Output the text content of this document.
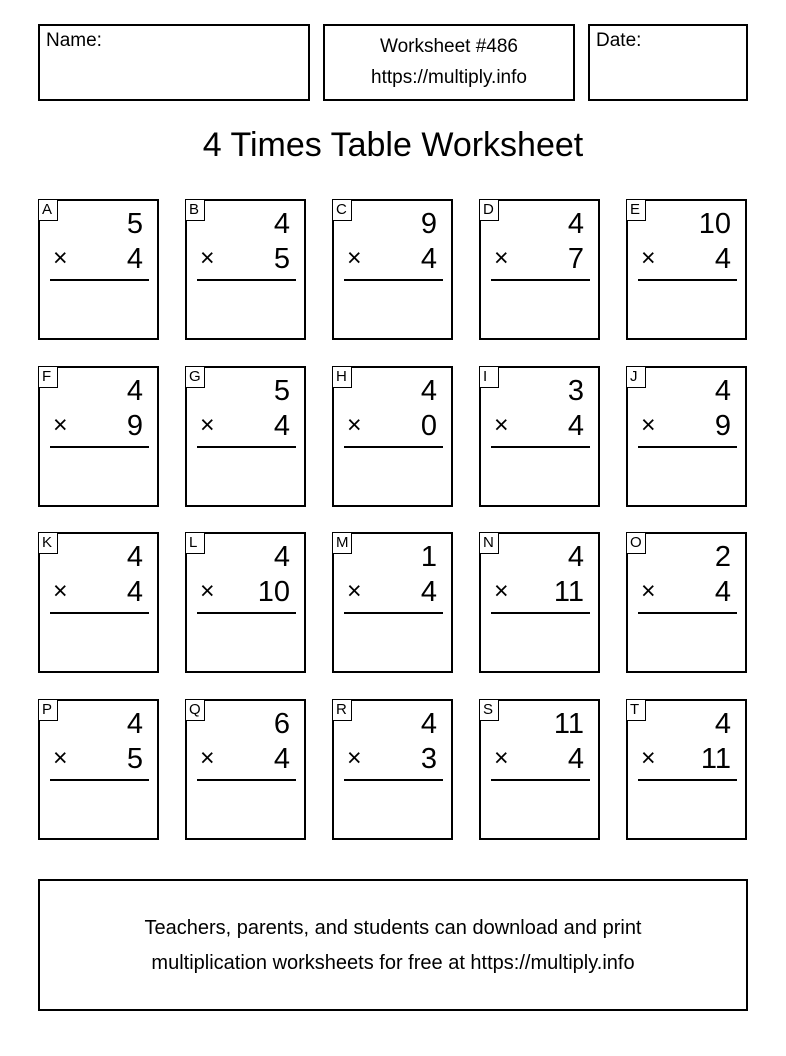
Name:	Worksheet #486
https://multiply.info
Date:
4 Times Table Worksheet
A	5
× 4
B	4
× 5
C	9
× 4
D	4
× 7
E 10
× 4
F	4
× 9
G	5
× 4
H	4
× 0
I	3
× 4
J	4
× 9
K	4
× 4
L	4
× 10
M 1
× 4
N	4
× 11
O	2
× 4
P	4
× 5
Q	6
× 4
R	4
× 3
S 11
× 4
T	4
× 11
Teachers, parents, and students can download and print
multiplication worksheets for free at https://multiply.info
